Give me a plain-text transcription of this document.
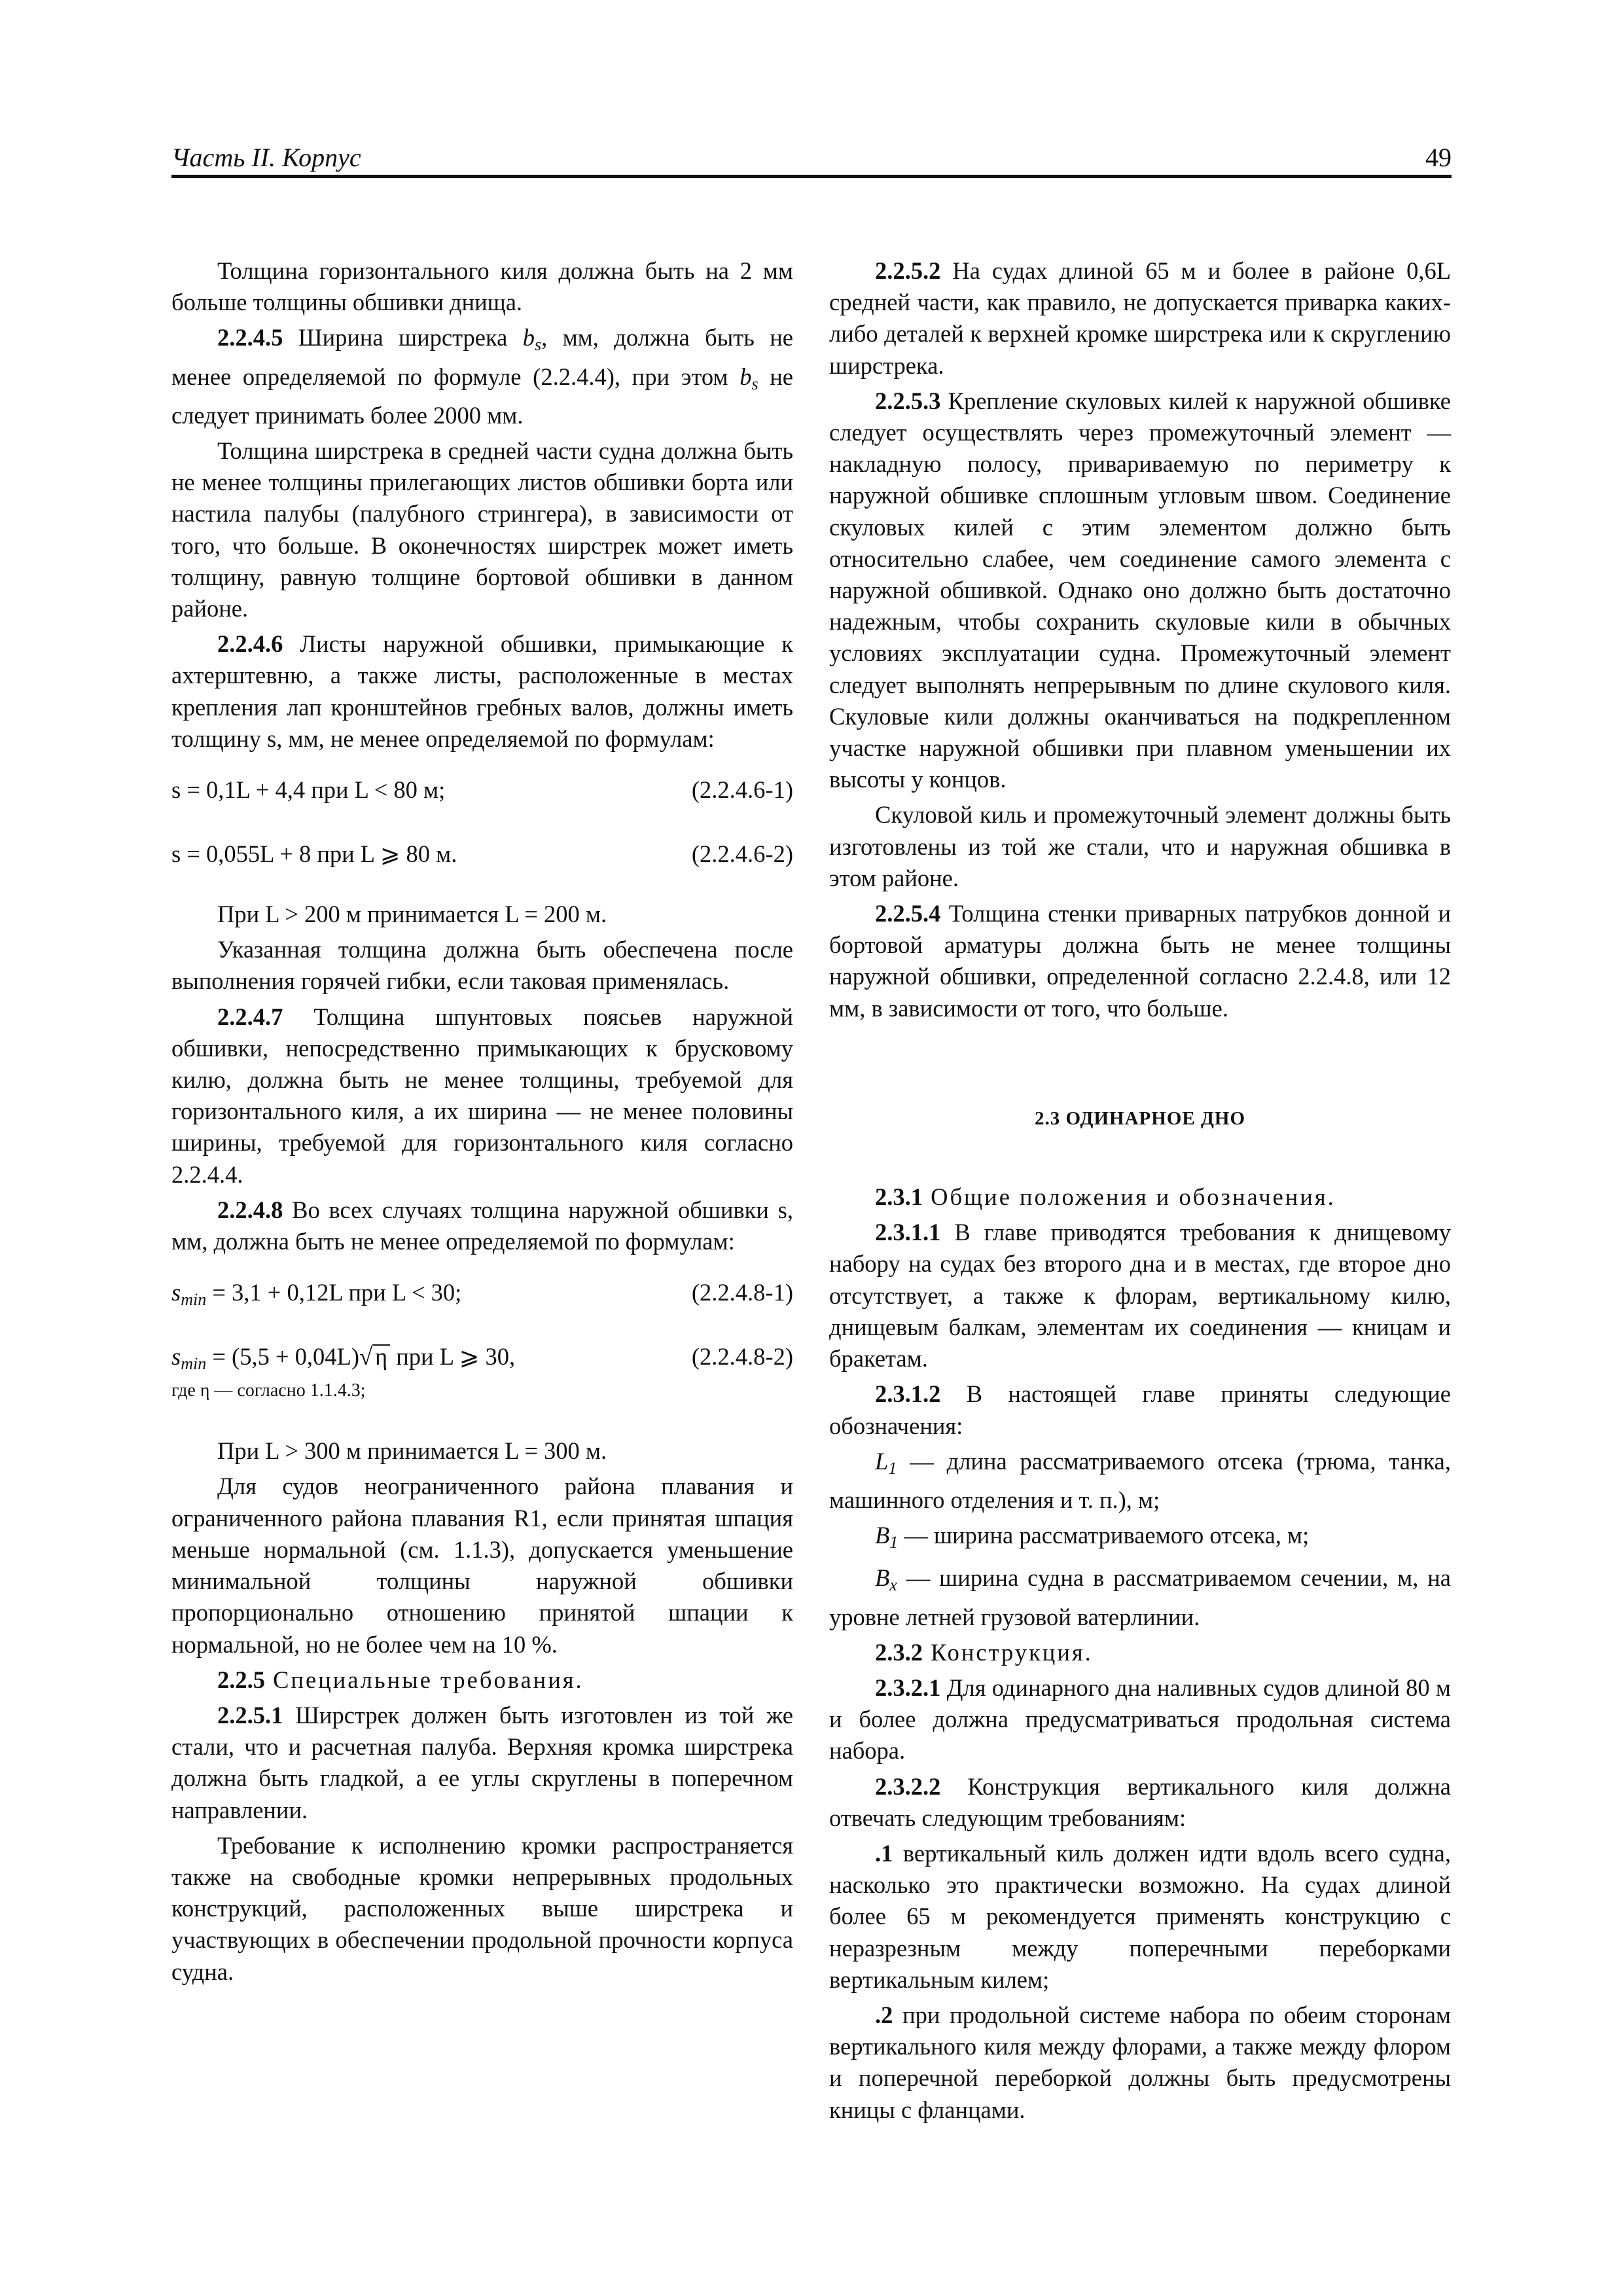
Часть II. Корпус	49

Толщина горизонтального киля должна быть на 2 мм больше толщины обшивки днища.

2.2.4.5 Ширина ширстрека $b_s$, мм, должна быть не менее определяемой по формуле (2.2.4.4), при этом $b_s$ не следует принимать более 2000 мм.

Толщина ширстрека в средней части судна должна быть не менее толщины прилегающих листов обшивки борта или настила палубы (палубного стрингера), в зависимости от того, что больше. В оконечностях ширстрек может иметь толщину, равную толщине бортовой обшивки в данном районе.

2.2.4.6 Листы наружной обшивки, примыкающие к ахтерштевню, а также листы, расположенные в местах крепления лап кронштейнов гребных валов, должны иметь толщину s, мм, не менее определяемой по формулам:

s = 0,1L + 4,4 при L < 80 м;	(2.2.4.6-1)
s = 0,055L + 8 при L ⩾ 80 м.	(2.2.4.6-2)

При L > 200 м принимается L = 200 м.

Указанная толщина должна быть обеспечена после выполнения горячей гибки, если таковая применялась.

2.2.4.7 Толщина шпунтовых поясьев наружной обшивки, непосредственно примыкающих к брусковому килю, должна быть не менее толщины, требуемой для горизонтального киля, а их ширина — не менее половины ширины, требуемой для горизонтального киля согласно 2.2.4.4.

2.2.4.8 Во всех случаях толщина наружной обшивки s, мм, должна быть не менее определяемой по формулам:

$s_{min} = 3,1 + 0,12L$ при L < 30;	(2.2.4.8-1)
$s_{min} = (5,5 + 0,04L)√$ η при L ⩾ 30,	(2.2.4.8-2)

где η — согласно 1.1.4.3;

При L > 300 м принимается L = 300 м.

Для судов неограниченного района плавания и ограниченного района плавания R1, если принятая шпация меньше нормальной (см. 1.1.3), допускается уменьшение минимальной толщины наружной обшивки пропорционально отношению принятой шпации к нормальной, но не более чем на 10 %.

2.2.5 Специальные требования.

2.2.5.1 Ширстрек должен быть изготовлен из той же стали, что и расчетная палуба. Верхняя кромка ширстрека должна быть гладкой, а ее углы скруглены в поперечном направлении.

Требование к исполнению кромки распространяется также на свободные кромки непрерывных продольных конструкций, расположенных выше ширстрека и участвующих в обеспечении продольной прочности корпуса судна.

2.2.5.2 На судах длиной 65 м и более в районе 0,6L средней части, как правило, не допускается приварка каких-либо деталей к верхней кромке ширстрека или к скруглению ширстрека.

2.2.5.3 Крепление скуловых килей к наружной обшивке следует осуществлять через промежуточный элемент — накладную полосу, привариваемую по периметру к наружной обшивке сплошным угловым швом. Соединение скуловых килей с этим элементом должно быть относительно слабее, чем соединение самого элемента с наружной обшивкой. Однако оно должно быть достаточно надежным, чтобы сохранить скуловые кили в обычных условиях эксплуатации судна. Промежуточный элемент следует выполнять непрерывным по длине скулового киля. Скуловые кили должны оканчиваться на подкрепленном участке наружной обшивки при плавном уменьшении их высоты у концов.

Скуловой киль и промежуточный элемент должны быть изготовлены из той же стали, что и наружная обшивка в этом районе.

2.2.5.4 Толщина стенки приварных патрубков донной и бортовой арматуры должна быть не менее толщины наружной обшивки, определенной согласно 2.2.4.8, или 12 мм, в зависимости от того, что больше.

2.3 ОДИНАРНОЕ ДНО

2.3.1 Общие положения и обозначения.

2.3.1.1 В главе приводятся требования к днищевому набору на судах без второго дна и в местах, где второе дно отсутствует, а также к флорам, вертикальному килю, днищевым балкам, элементам их соединения — кницам и бракетам.

2.3.1.2 В настоящей главе приняты следующие обозначения:

$L_1$ — длина рассматриваемого отсека (трюма, танка, машинного отделения и т. п.), м;

$B_1$ — ширина рассматриваемого отсека, м;

$B_x$ — ширина судна в рассматриваемом сечении, м, на уровне летней грузовой ватерлинии.

2.3.2 Конструкция.

2.3.2.1 Для одинарного дна наливных судов длиной 80 м и более должна предусматриваться продольная система набора.

2.3.2.2 Конструкция вертикального киля должна отвечать следующим требованиям:

.1 вертикальный киль должен идти вдоль всего судна, насколько это практически возможно. На судах длиной более 65 м рекомендуется применять конструкцию с неразрезным между поперечными переборками вертикальным килем;

.2 при продольной системе набора по обеим сторонам вертикального киля между флорами, а также между флором и поперечной переборкой должны быть предусмотрены кницы с фланцами.
